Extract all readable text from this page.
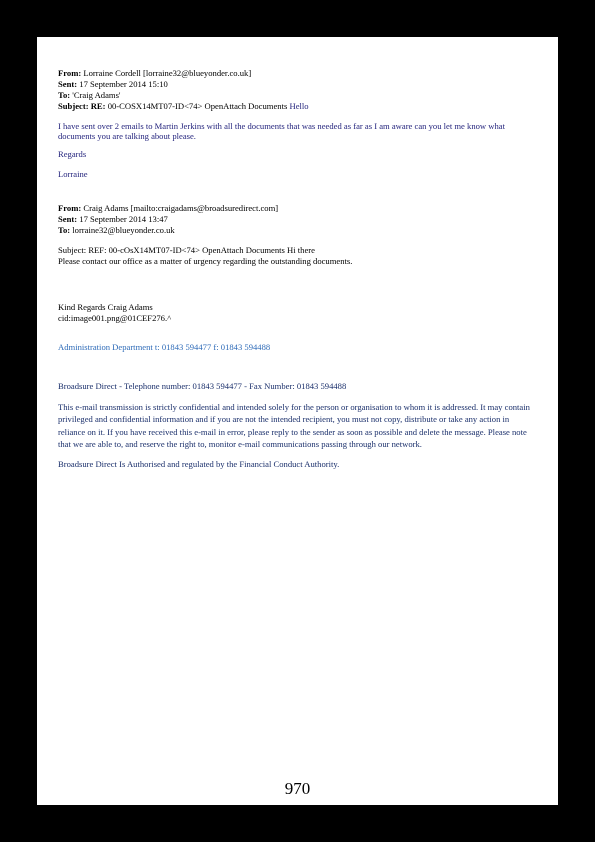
From: Lorraine Cordell [lorraine32@blueyonder.co.uk]

Sent: 17 September 2014 15:10

To: 'Craig Adams'

Subject: RE: 00-COSX14MT07-ID<74> OpenAttach Documents Hello

I have sent over 2 emails to Martin Jerkins with all the documents that was needed as far as I am aware can you let me know what

documents you are talking about please.

Regards

Lorraine

From: Craig Adams [mailto:craigadams@broadsuredirect.com]

Sent: 17 September 2014 13:47

To: lorraine32@blueyonder.co.uk

Subject: REF: 00-cOsX14MT07-ID<74> OpenAttach Documents Hi there

Please contact our office as a matter of urgency regarding the outstanding documents.

Kind Regards Craig Adams

cid:image001.png@01CEF276.^

Administration Department t: 01843 594477 f: 01843 594488

Broadsure Direct - Telephone number: 01843 594477 - Fax Number: 01843 594488

This e-mail transmission is strictly confidential and intended solely for the person or organisation to whom it is addressed. It may contain

privileged and confidential information and if you are not the intended recipient, you must not copy, distribute or take any action in

reliance on it. If you have received this e-mail in error, please reply to the sender as soon as possible and delete the message. Please note

that we are able to, and reserve the right to, monitor e-mail communications passing through our network.

Broadsure Direct Is Authorised and regulated by the Financial Conduct Authority.

970
